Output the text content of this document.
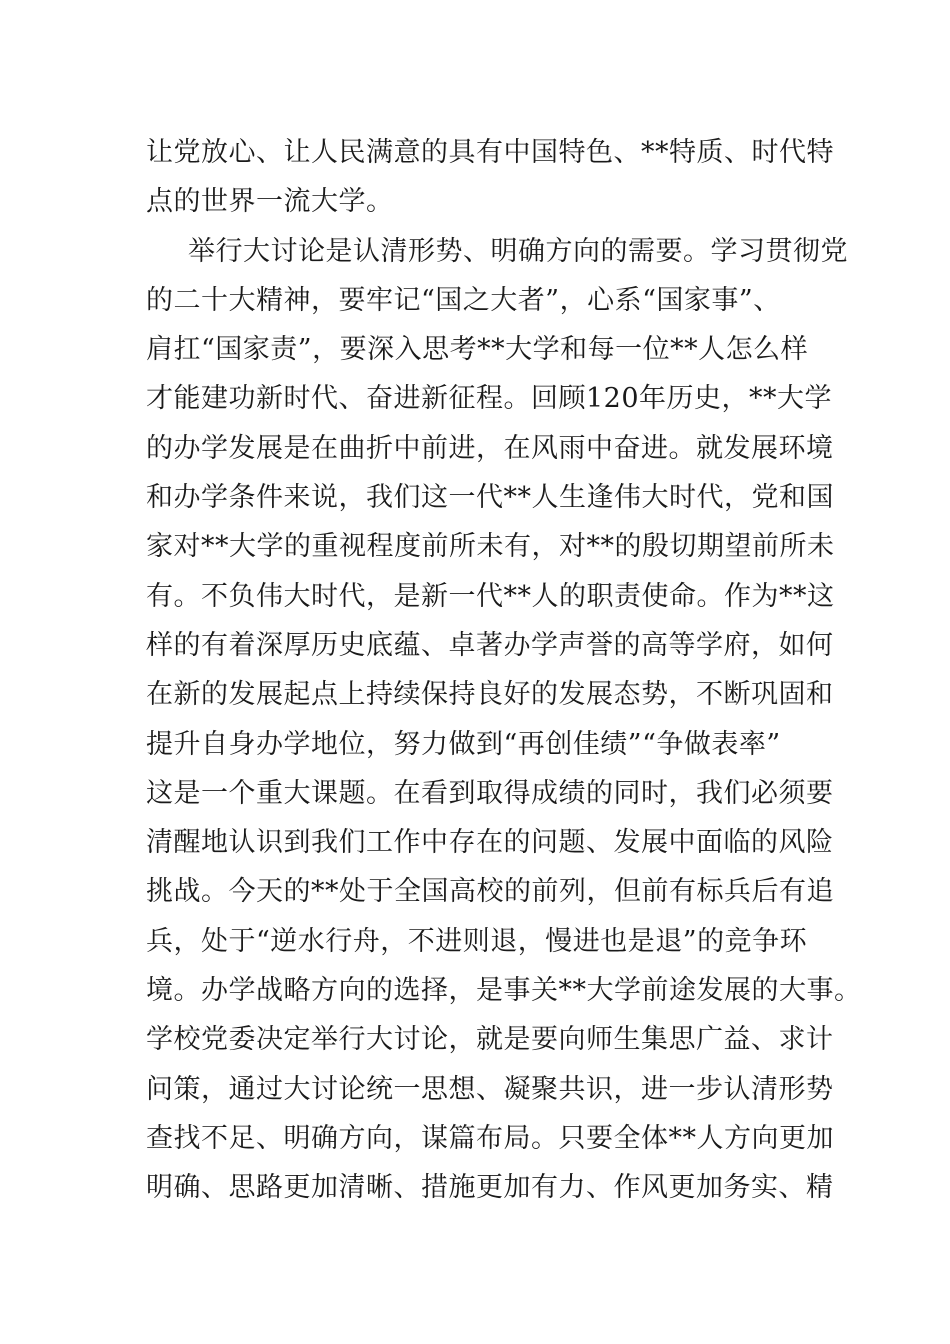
让党放心、让人民满意的具有中国特色、**特质、时代特
点的世界一流大学。
举行大讨论是认清形势、明确方向的需要。学习贯彻党
的二十大精神，要牢记“国之大者”，心系“国家事”、
肩扛“国家责”，要深入思考**大学和每一位**人怎么样
才能建功新时代、奋进新征程。回顾120年历史，**大学
的办学发展是在曲折中前进，在风雨中奋进。就发展环境
和办学条件来说，我们这一代**人生逢伟大时代，党和国
家对**大学的重视程度前所未有，对**的殷切期望前所未
有。不负伟大时代，是新一代**人的职责使命。作为**这
样的有着深厚历史底蕴、卓著办学声誉的高等学府，如何
在新的发展起点上持续保持良好的发展态势，不断巩固和
提升自身办学地位，努力做到“再创佳绩”“争做表率”
这是一个重大课题。在看到取得成绩的同时，我们必须要
清醒地认识到我们工作中存在的问题、发展中面临的风险
挑战。今天的**处于全国高校的前列，但前有标兵后有追
兵，处于“逆水行舟，不进则退，慢进也是退”的竞争环
境。办学战略方向的选择，是事关**大学前途发展的大事。
学校党委决定举行大讨论，就是要向师生集思广益、求计
问策，通过大讨论统一思想、凝聚共识，进一步认清形势
查找不足、明确方向，谋篇布局。只要全体**人方向更加
明确、思路更加清晰、措施更加有力、作风更加务实、精
